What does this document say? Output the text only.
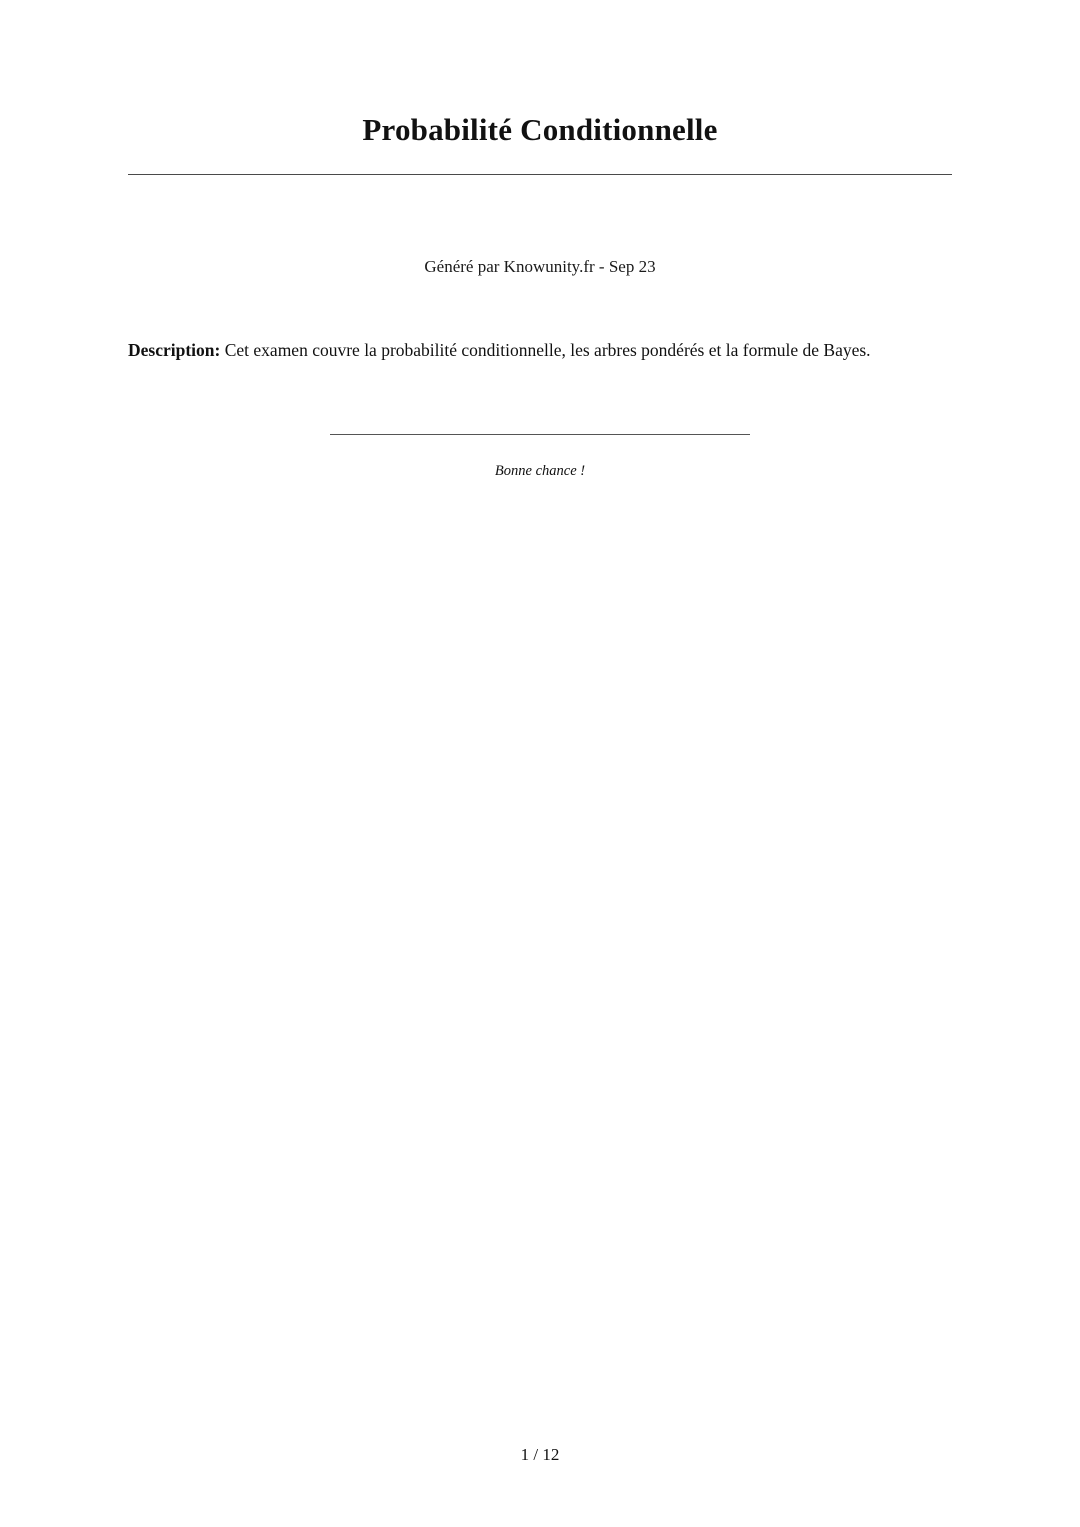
Probabilité Conditionnelle
Généré par Knowunity.fr - Sep 23

Description: Cet examen couvre la probabilité conditionnelle, les arbres pondérés et la formule de Bayes.

Bonne chance !
1 / 12
